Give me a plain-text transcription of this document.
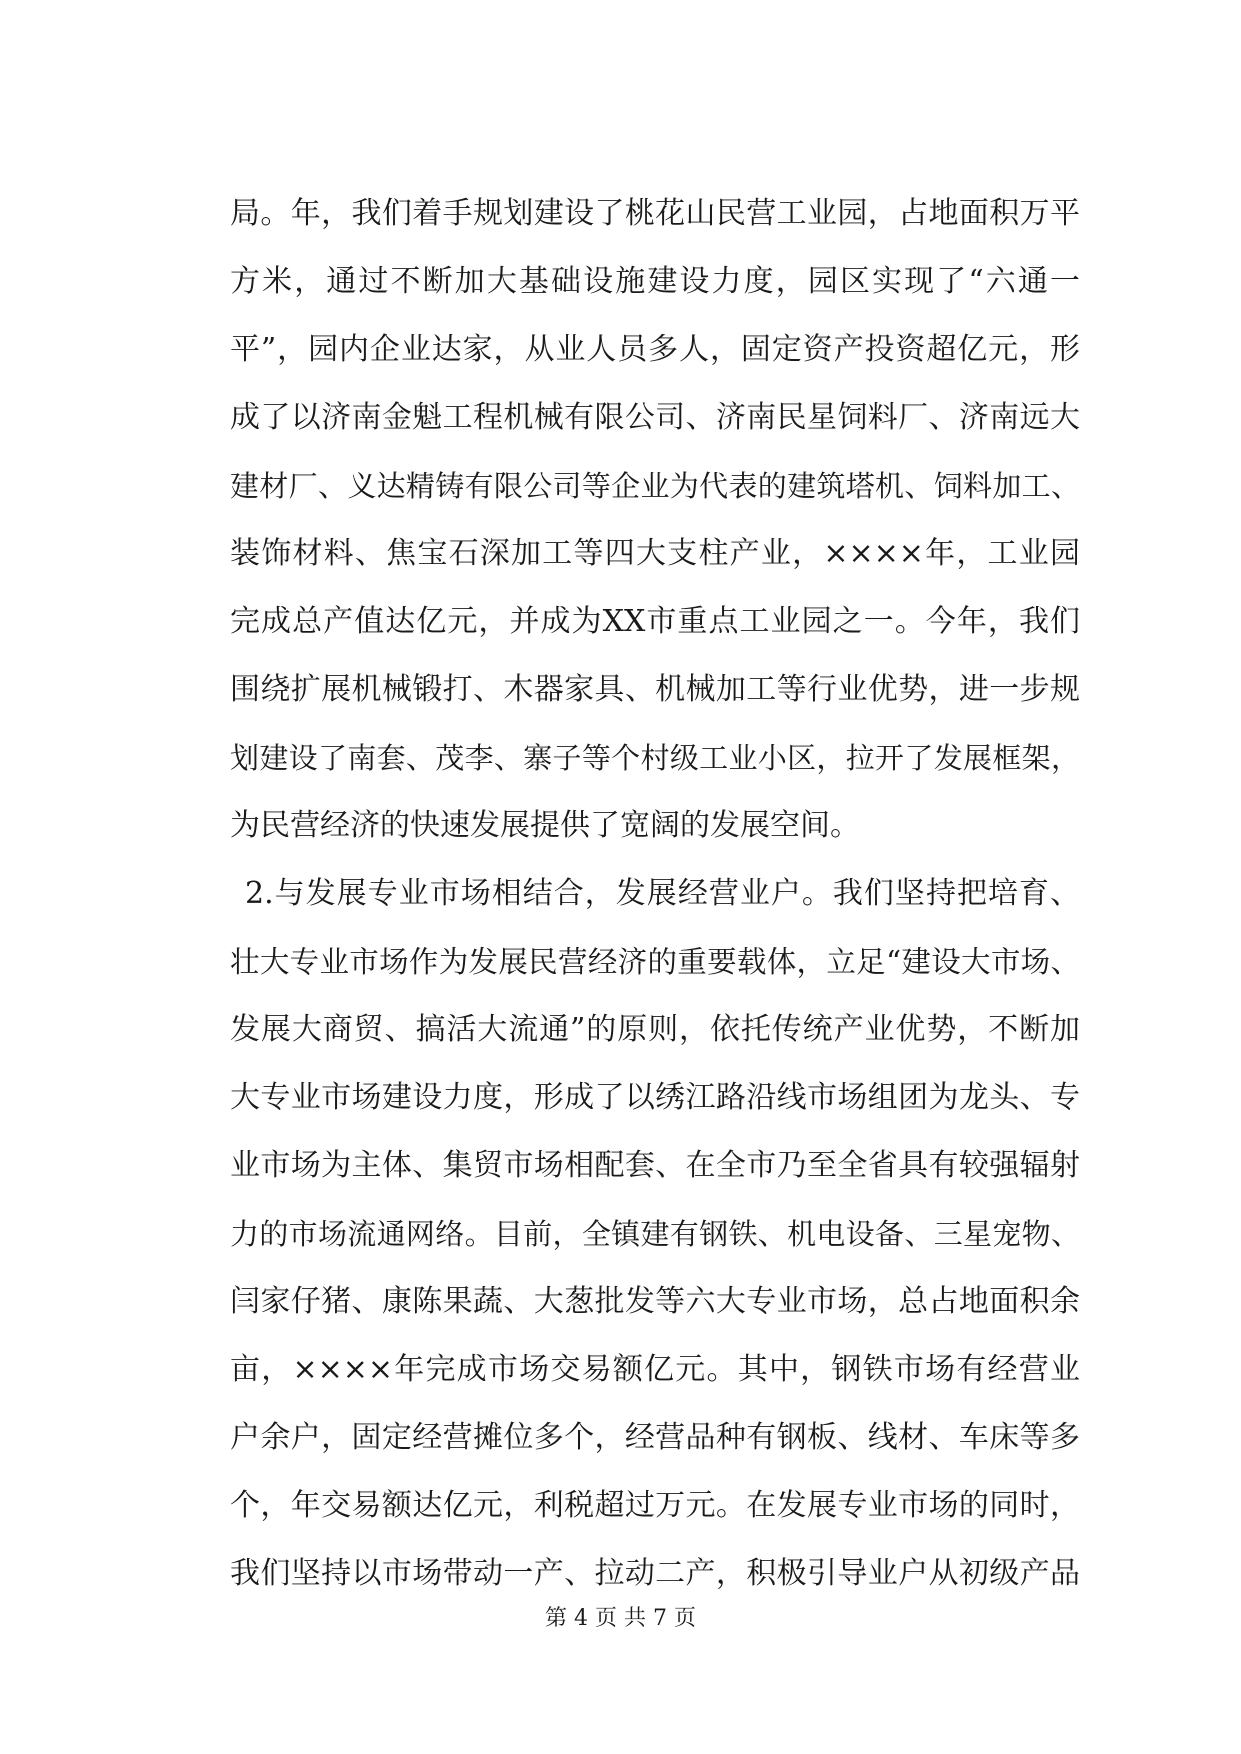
局。年，我们着手规划建设了桃花山民营工业园，占地面积万平
方米，通过不断加大基础设施建设力度，园区实现了“六通一
平”，园内企业达家，从业人员多人，固定资产投资超亿元，形
成了以济南金魁工程机械有限公司、济南民星饲料厂、济南远大
建材厂、义达精铸有限公司等企业为代表的建筑塔机、饲料加工、
装饰材料、焦宝石深加工等四大支柱产业，××××年，工业园
完成总产值达亿元，并成为XX市重点工业园之一。今年，我们
围绕扩展机械锻打、木器家具、机械加工等行业优势，进一步规
划建设了南套、茂李、寨子等个村级工业小区，拉开了发展框架，
为民营经济的快速发展提供了宽阔的发展空间。
2.与发展专业市场相结合，发展经营业户。我们坚持把培育、
壮大专业市场作为发展民营经济的重要载体，立足“建设大市场、
发展大商贸、搞活大流通”的原则，依托传统产业优势，不断加
大专业市场建设力度，形成了以绣江路沿线市场组团为龙头、专
业市场为主体、集贸市场相配套、在全市乃至全省具有较强辐射
力的市场流通网络。目前，全镇建有钢铁、机电设备、三星宠物、
闫家仔猪、康陈果蔬、大葱批发等六大专业市场，总占地面积余
亩，××××年完成市场交易额亿元。其中，钢铁市场有经营业
户余户，固定经营摊位多个，经营品种有钢板、线材、车床等多
个，年交易额达亿元，利税超过万元。在发展专业市场的同时，
我们坚持以市场带动一产、拉动二产，积极引导业户从初级产品
第 4 页 共 7 页
